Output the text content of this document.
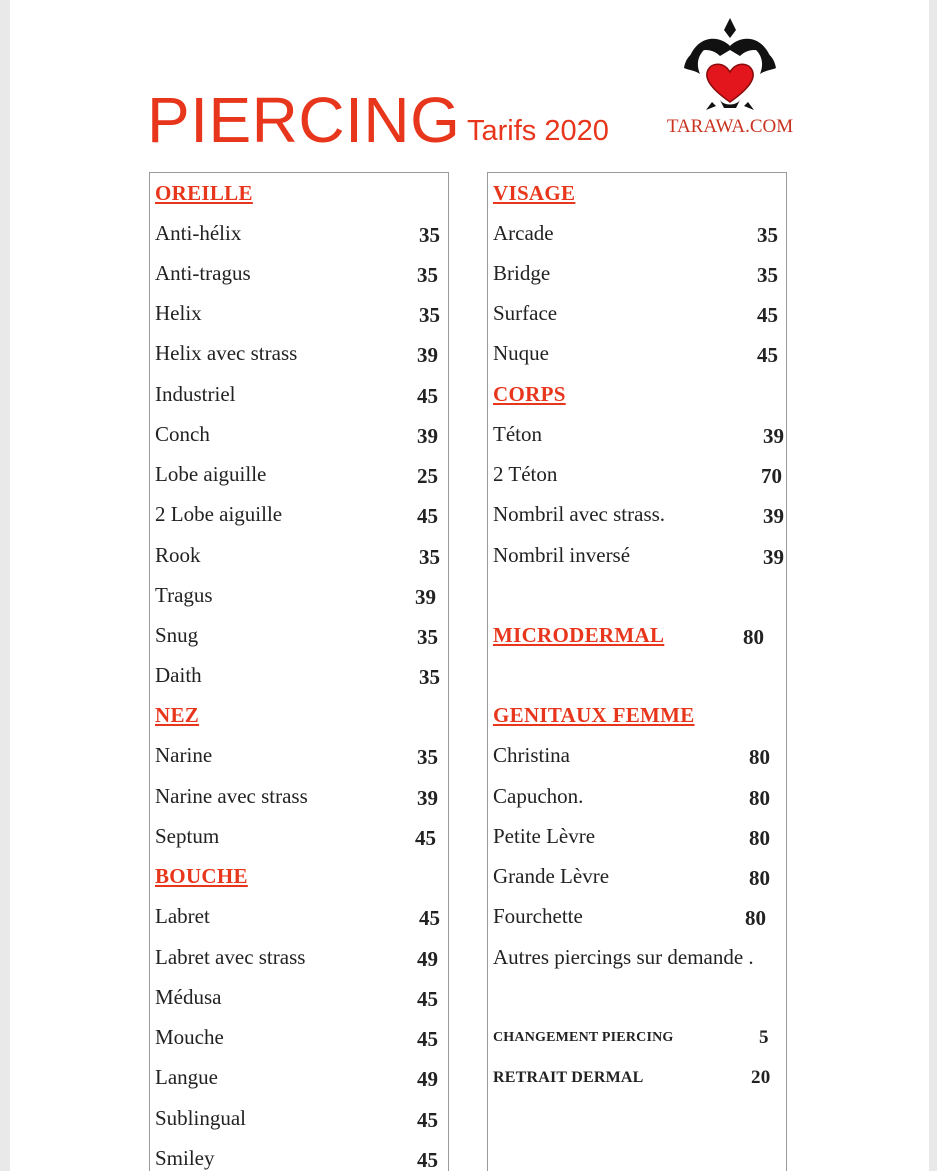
PIERCING Tarifs 2020	TARAWA.COM
OREILLE
Anti-hélix	35
Anti-tragus	35
Helix	35
Helix avec strass	39
Industriel	45
Conch	39
Lobe aiguille	25
2 Lobe aiguille	45
Rook	35
Tragus	39
Snug	35
Daith	35
NEZ
Narine	35
Narine avec strass	39
Septum	45
BOUCHE
Labret	45
Labret avec strass	49
Médusa	45
Mouche	45
Langue	49
Sublingual	45
Smiley	45
VISAGE
Arcade	35
Bridge	35
Surface	45
Nuque	45
CORPS
Téton	39
2 Téton	70
Nombril avec strass.	39
Nombril inversé	39
MICRODERMAL	80
GENITAUX FEMME
Christina	80
Capuchon.	80
Petite Lèvre	80
Grande Lèvre	80
Fourchette	80
Autres piercings sur demande .
CHANGEMENT PIERCING	5
RETRAIT DERMAL	20
